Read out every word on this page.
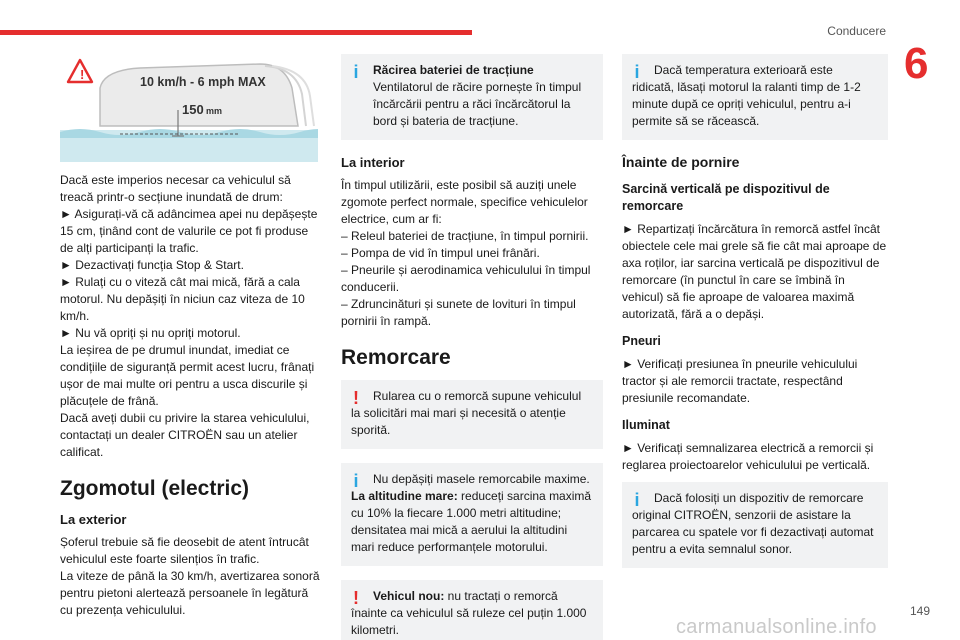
Conducere
6
149
carmanualsonline.info
!	10 km/h - 6 mph MAX
150 mm

Dacă este imperios necesar ca vehiculul să treacă printr-o secțiune inundată de drum:

► Asigurați-vă că adâncimea apei nu depășește 15 cm, ținând cont de valurile ce pot fi produse de alți participanți la trafic.

► Dezactivați funcția Stop & Start.

► Rulați cu o viteză cât mai mică, fără a cala motorul. Nu depășiți în niciun caz viteza de 10 km/h.

► Nu vă opriți și nu opriți motorul.

La ieșirea de pe drumul inundat, imediat ce condițiile de siguranță permit acest lucru, frânați ușor de mai multe ori pentru a usca discurile și plăcuțele de frână.

Dacă aveți dubii cu privire la starea vehiculului, contactați un dealer CITROËN sau un atelier calificat.

Zgomotul (electric)
La exterior

Șoferul trebuie să fie deosebit de atent întrucât vehiculul este foarte silențios în trafic.

La viteze de până la 30 km/h, avertizarea sonoră pentru pietoni alertează persoanele în legătură cu prezența vehiculului.

i	Răcirea bateriei de tracțiune
Ventilatorul de răcire pornește în timpul încărcării pentru a răci încărcătorul la bord și bateria de tracțiune.
La interior

În timpul utilizării, este posibil să auziți unele zgomote perfect normale, specifice vehiculelor electrice, cum ar fi:

– Releul bateriei de tracțiune, în timpul pornirii.

– Pompa de vid în timpul unei frânări.

– Pneurile și aerodinamica vehiculului în timpul conducerii.

– Zdruncinături și sunete de lovituri în timpul pornirii în rampă.

Remorcare
!	Rularea cu o remorcă supune vehiculul la solicitări mai mari și necesită o atenție sporită.

i	Nu depășiți masele remorcabile maxime. La altitudine mare: reduceți sarcina maximă cu 10% la fiecare 1.000 metri altitudine; densitatea mai mică a aerului la altitudini mari reduce performanțele motorului.

!	Vehicul nou: nu tractați o remorcă înainte ca vehiculul să ruleze cel puțin 1.000 kilometri.

i	Dacă temperatura exterioară este ridicată, lăsați motorul la ralanti timp de 1-2 minute după ce opriți vehiculul, pentru a-i permite să se răcească.

Înainte de pornire
Sarcină verticală pe dispozitivul de remorcare

► Repartizați încărcătura în remorcă astfel încât obiectele cele mai grele să fie cât mai aproape de axa roților, iar sarcina verticală pe dispozitivul de remorcare (în punctul în care se îmbină în vehicul) să fie aproape de valoarea maximă autorizată, fără a o depăși.

Pneuri

► Verificați presiunea în pneurile vehiculului tractor și ale remorcii tractate, respectând presiunile recomandate.

Iluminat

► Verificați semnalizarea electrică a remorcii și reglarea proiectoarelor vehiculului pe verticală.

i	Dacă folosiți un dispozitiv de remorcare original CITROËN, senzorii de asistare la parcarea cu spatele vor fi dezactivați automat pentru a evita semnalul sonor.
